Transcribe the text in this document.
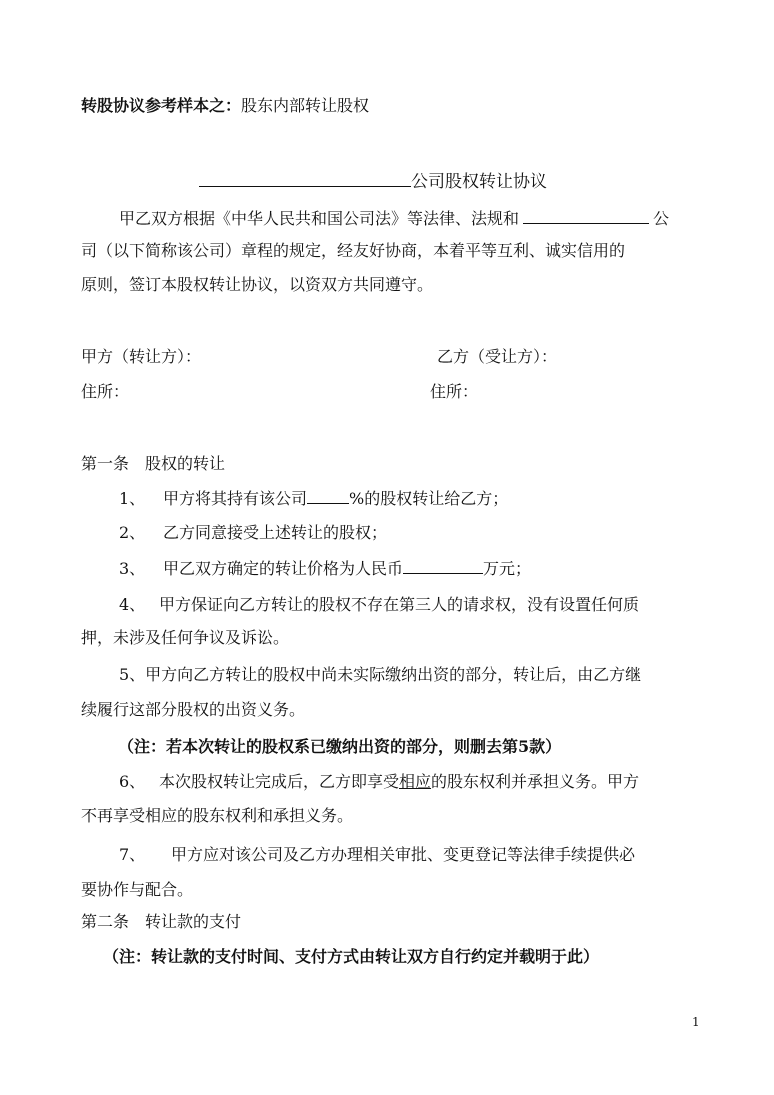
转股协议参考样本之：股东内部转让股权
公司股权转让协议
甲乙双方根据《中华人民共和国公司法》等法律、法规和	公
司（以下简称该公司）章程的规定，经友好协商，本着平等互利、诚实信用的
原则，签订本股权转让协议，以资双方共同遵守。
甲方（转让方）：	乙方（受让方）：
住所：	住所：
第一条　股权的转让
1、 甲方将其持有该公司	%的股权转让给乙方；
2、 乙方同意接受上述转让的股权；
3、 甲乙双方确定的转让价格为人民币	万元；
4、 甲方保证向乙方转让的股权不存在第三人的请求权，没有设置任何质
押，未涉及任何争议及诉讼。
5、甲方向乙方转让的股权中尚未实际缴纳出资的部分，转让后，由乙方继
续履行这部分股权的出资义务。
（注：若本次转让的股权系已缴纳出资的部分，则删去第5款）
6、 本次股权转让完成后，乙方即享受相应的股东权利并承担义务。甲方
不再享受相应的股东权利和承担义务。
7、 甲方应对该公司及乙方办理相关审批、变更登记等法律手续提供必
要协作与配合。
第二条　转让款的支付
（注：转让款的支付时间、支付方式由转让双方自行约定并载明于此）
1
